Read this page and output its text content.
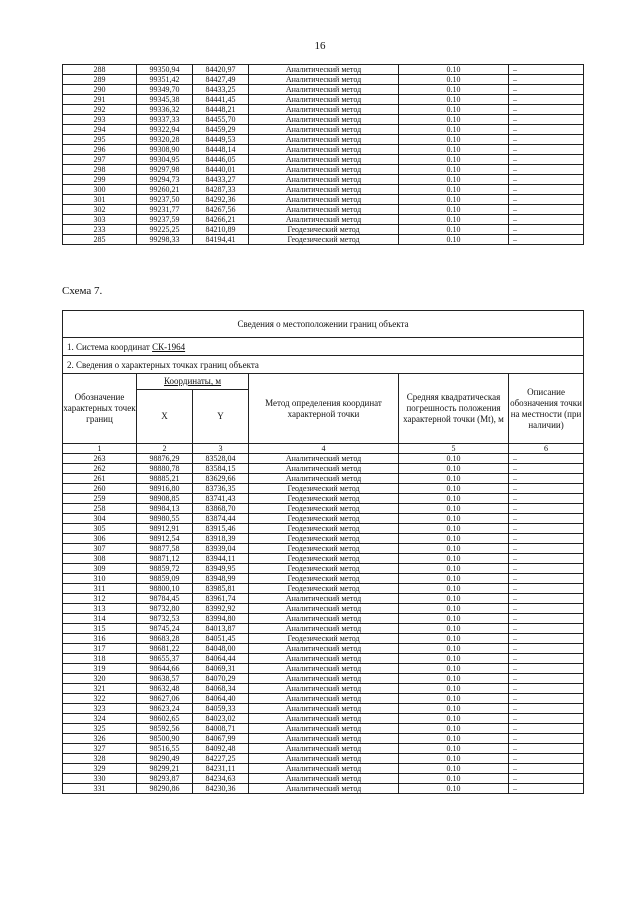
16
288	99350,94	84420,97	Аналитический метод	0.10	–
289	99351,42	84427,49	Аналитический метод	0.10	–
290	99349,70	84433,25	Аналитический метод	0.10	–
291	99345,38	84441,45	Аналитический метод	0.10	–
292	99336,32	84448,21	Аналитический метод	0.10	–
293	99337,33	84455,70	Аналитический метод	0.10	–
294	99322,94	84459,29	Аналитический метод	0.10	–
295	99320,28	84449,53	Аналитический метод	0.10	–
296	99308,90	84448,14	Аналитический метод	0.10	–
297	99304,95	84446,05	Аналитический метод	0.10	–
298	99297,98	84440,01	Аналитический метод	0.10	–
299	99294,73	84433,27	Аналитический метод	0.10	–
300	99260,21	84287,33	Аналитический метод	0.10	–
301	99237,50	84292,36	Аналитический метод	0.10	–
302	99231,77	84267,56	Аналитический метод	0.10	–
303	99237,59	84266,21	Аналитический метод	0.10	–
233	99225,25	84210,89	Геодезический метод	0.10	–
285	99298,33	84194,41	Геодезический метод	0.10	–
Схема 7.
Сведения о местоположении границ объекта					
1. Система координат СК-1964					
2. Сведения о характерных точках границ объекта					
Обозначение характерных точек границ	Координаты, м		Метод определения координат характерной точки	Средняя квадратическая погрешность положения характерной точки (Mt), м	Описание обозначения точки на местности (при наличии)
	X	Y			
1	2	3	4	5	6
263	98876,29	83528,04	Аналитический метод	0.10	–
262	98880,78	83584,15	Аналитический метод	0.10	–
261	98885,21	83629,66	Аналитический метод	0.10	–
260	98916,80	83736,35	Геодезический метод	0.10	–
259	98908,85	83741,43	Геодезический метод	0.10	–
258	98984,13	83868,70	Геодезический метод	0.10	–
304	98980,55	83874,44	Геодезический метод	0.10	–
305	98912,91	83915,46	Геодезический метод	0.10	–
306	98912,54	83918,39	Геодезический метод	0.10	–
307	98877,58	83939,04	Геодезический метод	0.10	–
308	98871,12	83944,11	Геодезический метод	0.10	–
309	98859,72	83949,95	Геодезический метод	0.10	–
310	98859,09	83948,99	Геодезический метод	0.10	–
311	98800,10	83985,81	Геодезический метод	0.10	–
312	98784,45	83961,74	Аналитический метод	0.10	–
313	98732,80	83992,92	Аналитический метод	0.10	–
314	98732,53	83994,80	Аналитический метод	0.10	–
315	98745,24	84013,87	Аналитический метод	0.10	–
316	98683,28	84051,45	Геодезический метод	0.10	–
317	98681,22	84048,00	Аналитический метод	0.10	–
318	98655,37	84064,44	Аналитический метод	0.10	–
319	98644,66	84069,31	Аналитический метод	0.10	–
320	98638,57	84070,29	Аналитический метод	0.10	–
321	98632,48	84068,34	Аналитический метод	0.10	–
322	98627,06	84064,40	Аналитический метод	0.10	–
323	98623,24	84059,33	Аналитический метод	0.10	–
324	98602,65	84023,02	Аналитический метод	0.10	–
325	98592,56	84008,71	Аналитический метод	0.10	–
326	98500,90	84067,99	Аналитический метод	0.10	–
327	98516,55	84092,48	Аналитический метод	0.10	–
328	98290,49	84227,25	Аналитический метод	0.10	–
329	98299,21	84231,11	Аналитический метод	0.10	–
330	98293,87	84234,63	Аналитический метод	0.10	–
331	98290,86	84230,36	Аналитический метод	0.10	–
